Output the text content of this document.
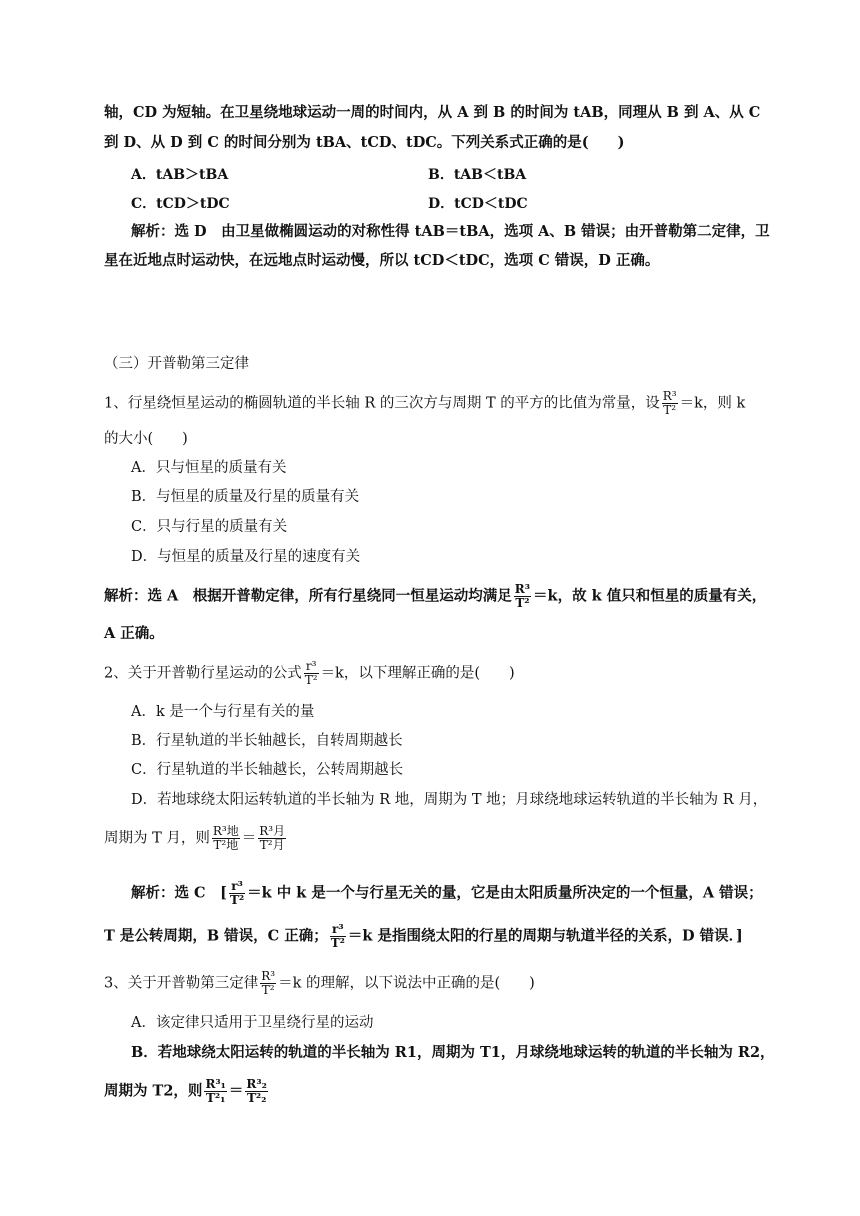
轴，CD 为短轴。在卫星绕地球运动一周的时间内，从 A 到 B 的时间为 tAB，同理从 B 到 A、从 C
到 D、从 D 到 C 的时间分别为 tBA、tCD、tDC。下列关系式正确的是(　　)
A．tAB＞tBA	B．tAB＜tBA
C．tCD＞tDC	D．tCD＜tDC
解析：选 D　由卫星做椭圆运动的对称性得 tAB＝tBA，选项 A、B 错误；由开普勒第二定律，卫
星在近地点时运动快，在远地点时运动慢，所以 tCD＜tDC，选项 C 错误，D 正确。
（三）开普勒第三定律
1、行星绕恒星运动的椭圆轨道的半长轴 R 的三次方与周期 T 的平方的比值为常量，设 $\frac{\text{R³}}{\text{T²}} =k$，则 k
的大小(　　)
A．只与恒星的质量有关
B．与恒星的质量及行星的质量有关
C．只与行星的质量有关
D．与恒星的质量及行星的速度有关
解析：选 A　根据开普勒定律，所有行星绕同一恒星运动均满足 $\frac{\text{R³}}{\text{T²}} =k$，故 k 值只和恒星的质量有关，
A 正确。
2、关于开普勒行星运动的公式 $\frac{\text{r³}}{\text{T²}} =k$，以下理解正确的是(　　)
A．k 是一个与行星有关的量
B．行星轨道的半长轴越长，自转周期越长
C．行星轨道的半长轴越长，公转周期越长
D．若地球绕太阳运转轨道的半长轴为 R 地，周期为 T 地；月球绕地球运转轨道的半长轴为 R 月，
周期为 T 月，则 $\frac{\text{R³地}}{\text{T²地}} = \frac{\text{R³月}}{\text{T²月}}$
解析：选 C　[ $\frac{\text{r³}}{\text{T²}} =k$ 中 k 是一个与行星无关的量，它是由太阳质量所决定的一个恒量，A 错误；
T 是公转周期，B 错误，C 正确； $\frac{\text{r³}}{\text{T²}} =k$ 是指围绕太阳的行星的周期与轨道半径的关系，D 错误．]
3、关于开普勒第三定律 $\frac{\text{R³}}{\text{T²}} =k$ 的理解，以下说法中正确的是(　　)
A．该定律只适用于卫星绕行星的运动
B．若地球绕太阳运转的轨道的半长轴为 R1，周期为 T1，月球绕地球运转的轨道的半长轴为 R2，
周期为 T2，则 $\frac{\text{R³₁}}{\text{T²₁}} = \frac{\text{R³₂}}{\text{T²₂}}$
